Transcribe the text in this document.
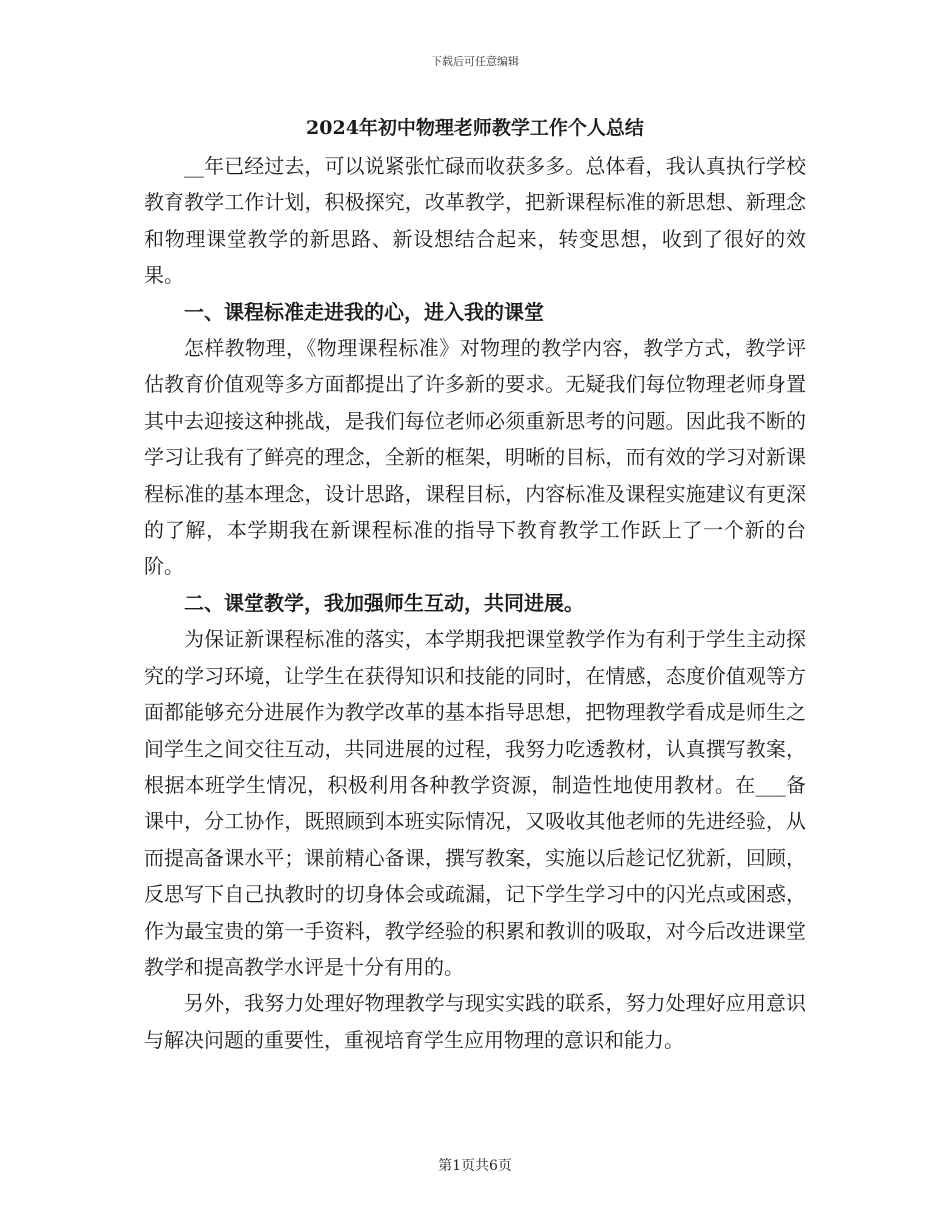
下载后可任意编辑
2024年初中物理老师教学工作个人总结

__年已经过去，可以说紧张忙碌而收获多多。总体看，我认真执行学校教育教学工作计划，积极探究，改革教学，把新课程标准的新思想、新理念和物理课堂教学的新思路、新设想结合起来，转变思想，收到了很好的效果。

一、课程标准走进我的心，进入我的课堂

怎样教物理，《物理课程标准》对物理的教学内容，教学方式，教学评估教育价值观等多方面都提出了许多新的要求。无疑我们每位物理老师身置其中去迎接这种挑战，是我们每位老师必须重新思考的问题。因此我不断的学习让我有了鲜亮的理念，全新的框架，明晰的目标，而有效的学习对新课程标准的基本理念，设计思路，课程目标，内容标准及课程实施建议有更深的了解，本学期我在新课程标准的指导下教育教学工作跃上了一个新的台阶。

二、课堂教学，我加强师生互动，共同进展。

为保证新课程标准的落实，本学期我把课堂教学作为有利于学生主动探究的学习环境，让学生在获得知识和技能的同时，在情感，态度价值观等方面都能够充分进展作为教学改革的基本指导思想，把物理教学看成是师生之间学生之间交往互动，共同进展的过程，我努力吃透教材，认真撰写教案，根据本班学生情况，积极利用各种教学资源，制造性地使用教材。在___备课中，分工协作，既照顾到本班实际情况，又吸收其他老师的先进经验，从而提高备课水平；课前精心备课，撰写教案，实施以后趁记忆犹新，回顾，反思写下自己执教时的切身体会或疏漏，记下学生学习中的闪光点或困惑，作为最宝贵的第一手资料，教学经验的积累和教训的吸取，对今后改进课堂教学和提高教学水评是十分有用的。

另外，我努力处理好物理教学与现实实践的联系，努力处理好应用意识与解决问题的重要性，重视培育学生应用物理的意识和能力。

第1页共6页
